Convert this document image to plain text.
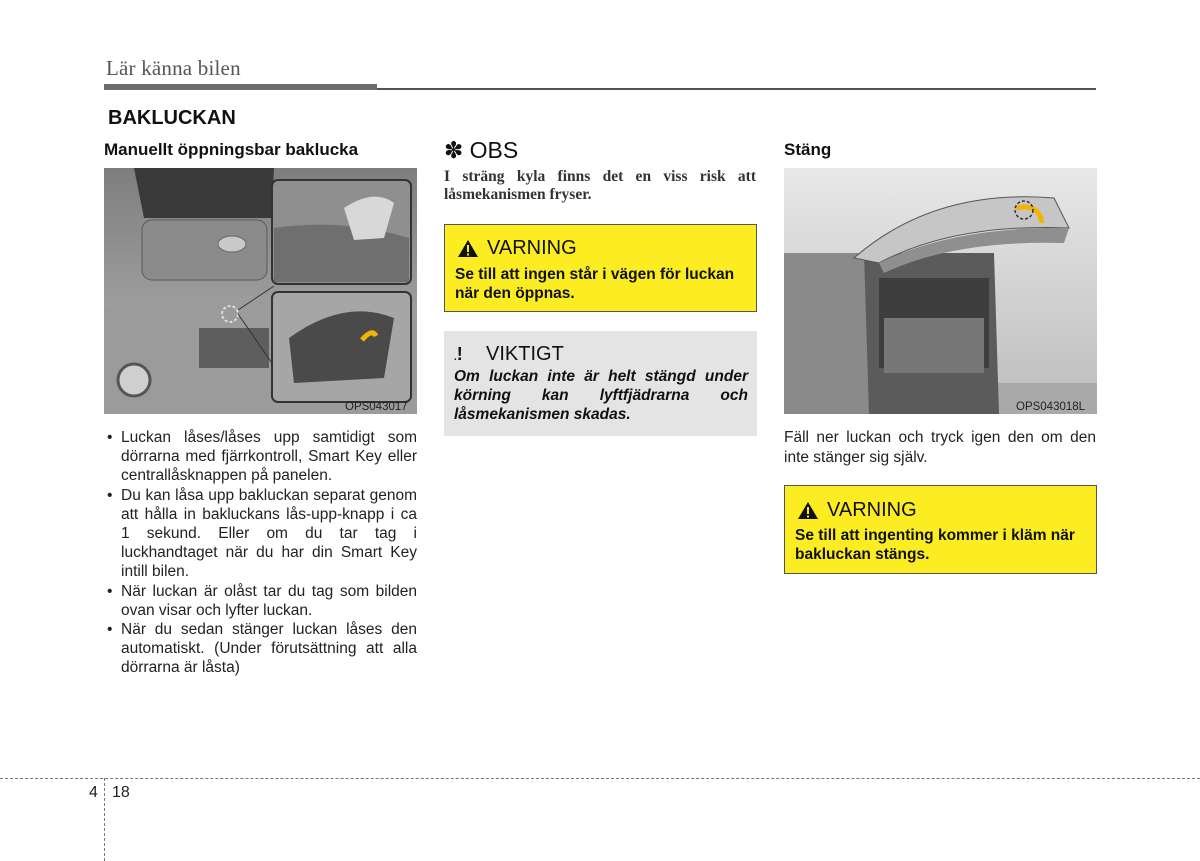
Lär känna bilen
BAKLUCKAN
Manuellt öppningsbar baklucka
OPS043017
• Luckan låses/låses upp samtidigt som dörrarna med fjärrkontroll, Smart Key eller centrallåsknappen på panelen.
• Du kan låsa upp bakluckan separat genom att hålla in bakluckans lås-upp-knapp i ca 1 sekund. Eller om du tar tag i luckhandtaget när du har din Smart Key intill bilen.
• När luckan är olåst tar du tag som bilden ovan visar och lyfter luckan.
• När du sedan stänger luckan låses den automatiskt. (Under förutsättning att alla dörrarna är låsta)
✽ OBS
I sträng kyla finns det en viss risk att låsmekanismen fryser.
VARNING
Se till att ingen står i vägen för luckan när den öppnas.
.!	VIKTIGT
Om luckan inte är helt stängd under körning kan lyftfjädrarna och låsmekanismen skadas.
Stäng
OPS043018L
Fäll ner luckan och tryck igen den om den inte stänger sig själv.
VARNING
Se till att ingenting kommer i kläm när bakluckan stängs.
4 18
